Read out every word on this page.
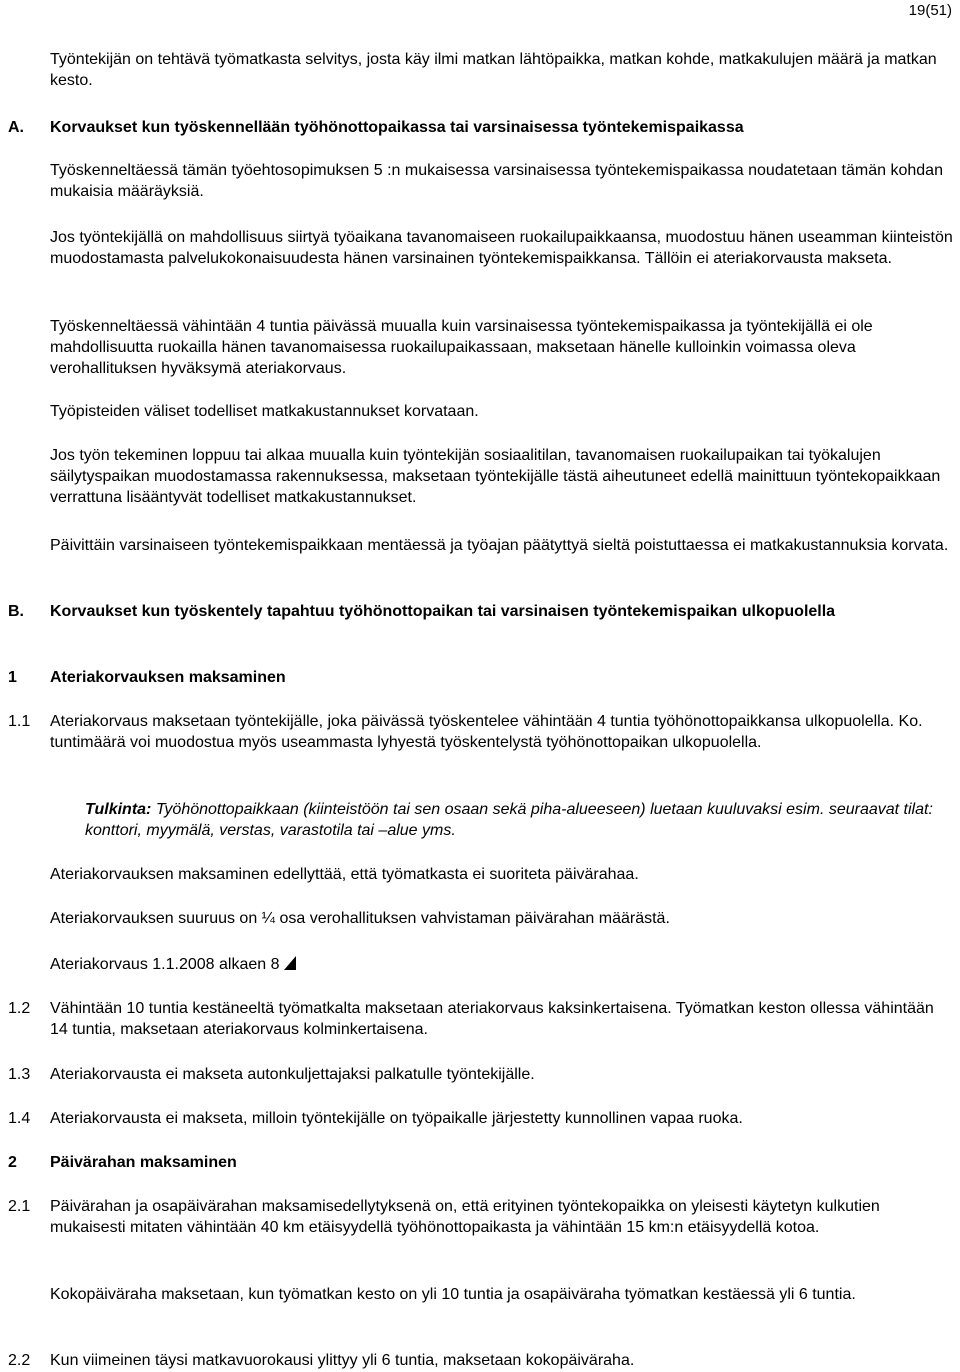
19(51)

Työntekijän on tehtävä työmatkasta selvitys, josta käy ilmi matkan lähtöpaikka, matkan kohde, matkakulujen määrä ja matkan kesto.

A. Korvaukset kun työskennellään työhönottopaikassa tai varsinaisessa työntekemispaikassa

Työskenneltäessä tämän työehtosopimuksen 5 :n mukaisessa varsinaisessa työntekemispaikassa noudatetaan tämän kohdan mukaisia määräyksiä.

Jos työntekijällä on mahdollisuus siirtyä työaikana tavanomaiseen ruokailupaikkaansa, muodostuu hänen useamman kiinteistön muodostamasta palvelukokonaisuudesta hänen varsinainen työntekemispaikkansa. Tällöin ei ateriakorvausta makseta.

Työskenneltäessä vähintään 4 tuntia päivässä muualla kuin varsinaisessa työntekemispaikassa ja työntekijällä ei ole mahdollisuutta ruokailla hänen tavanomaisessa ruokailupaikassaan, maksetaan hänelle kulloinkin voimassa oleva verohallituksen hyväksymä ateriakorvaus.

Työpisteiden väliset todelliset matkakustannukset korvataan.

Jos työn tekeminen loppuu tai alkaa muualla kuin työntekijän sosiaalitilan, tavanomaisen ruokailupaikan tai työkalujen säilytyspaikan muodostamassa rakennuksessa, maksetaan työntekijälle tästä aiheutuneet edellä mainittuun työntekopaikkaan verrattuna lisääntyvät todelliset matkakustannukset.

Päivittäin varsinaiseen työntekemispaikkaan mentäessä ja työajan päätyttyä sieltä poistuttaessa ei matkakustannuksia korvata.

B. Korvaukset kun työskentely tapahtuu työhönottopaikan tai varsinaisen työntekemispaikan ulkopuolella
1 Ateriakorvauksen maksaminen
1.1 Ateriakorvaus maksetaan työntekijälle, joka päivässä työskentelee vähintään 4 tuntia työhönottopaikkansa ulkopuolella. Ko. tuntimäärä voi muodostua myös useammasta lyhyestä työskentelystä työhönottopaikan ulkopuolella.

Tulkinta: Työhönottopaikkaan (kiinteistöön tai sen osaan sekä piha-alueeseen) luetaan kuuluvaksi esim. seuraavat tilat: konttori, myymälä, verstas, varastotila tai –alue yms.

Ateriakorvauksen maksaminen edellyttää, että työmatkasta ei suoriteta päivärahaa.

Ateriakorvauksen suuruus on ¼ osa verohallituksen vahvistaman päivärahan määrästä.

Ateriakorvaus 1.1.2008 alkaen 8

1.2 Vähintään 10 tuntia kestäneeltä työmatkalta maksetaan ateriakorvaus kaksinkertaisena. Työmatkan keston ollessa vähintään 14 tuntia, maksetaan ateriakorvaus kolminkertaisena.

1.3 Ateriakorvausta ei makseta autonkuljettajaksi palkatulle työntekijälle.

1.4 Ateriakorvausta ei makseta, milloin työntekijälle on työpaikalle järjestetty kunnollinen vapaa ruoka.

2 Päivärahan maksaminen
2.1 Päivärahan ja osapäivärahan maksamisedellytyksenä on, että erityinen työntekopaikka on yleisesti käytetyn kulkutien mukaisesti mitaten vähintään 40 km etäisyydellä työhönottopaikasta ja vähintään 15 km:n etäisyydellä kotoa.

Kokopäiväraha maksetaan, kun työmatkan kesto on yli 10 tuntia ja osapäiväraha työmatkan kestäessä yli 6 tuntia.

2.2 Kun viimeinen täysi matkavuorokausi ylittyy yli 6 tuntia, maksetaan kokopäiväraha.
